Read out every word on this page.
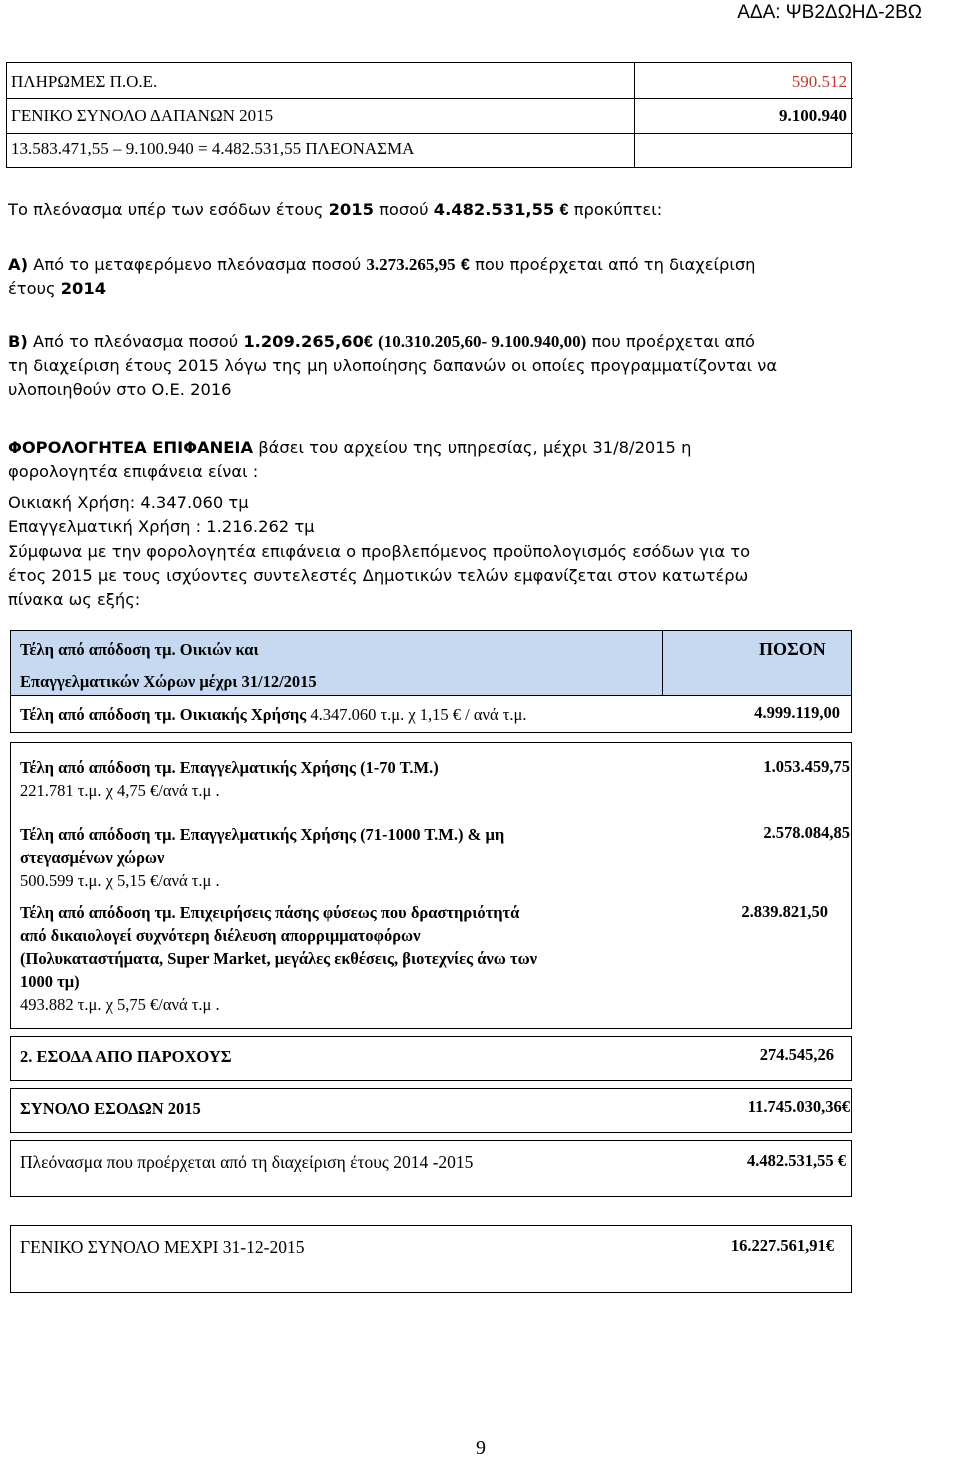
ΑΔΑ: ΨΒ2ΔΩΗΔ-2ΒΩ
ΠΛΗΡΩΜΕΣ Π.Ο.Ε.	590.512
ΓΕΝΙΚΟ ΣΥΝΟΛΟ ΔΑΠΑΝΩΝ 2015	9.100.940
13.583.471,55 – 9.100.940 = 4.482.531,55 ΠΛΕΟΝΑΣΜΑ
Το πλεόνασμα υπέρ των εσόδων έτους 2015 ποσού 4.482.531,55 € προκύπτει:
Α) Από το μεταφερόμενο πλεόνασμα ποσού 3.273.265,95 € που προέρχεται από τη διαχείριση
έτους 2014
Β) Από το πλεόνασμα ποσού 1.209.265,60€ (10.310.205,60- 9.100.940,00) που προέρχεται από
τη διαχείριση έτους 2015 λόγω της μη υλοποίησης δαπανών οι οποίες προγραμματίζονται να
υλοποιηθούν στο Ο.Ε. 2016
ΦΟΡΟΛΟΓΗΤΕΑ ΕΠΙΦΑΝΕΙΑ βάσει του αρχείου της υπηρεσίας, μέχρι 31/8/2015 η
φορολογητέα επιφάνεια είναι :
Οικιακή Χρήση: 4.347.060 τμ
Επαγγελματική Χρήση : 1.216.262 τμ
Σύμφωνα με την φορολογητέα επιφάνεια ο προβλεπόμενος προϋπολογισμός εσόδων για το
έτος 2015 με τους ισχύοντες συντελεστές Δημοτικών τελών εμφανίζεται στον κατωτέρω
πίνακα ως εξής:
Τέλη από απόδοση τμ. Οικιών και
Επαγγελματικών Χώρων μέχρι 31/12/2015
ΠΟΣΟΝ
Τέλη από απόδοση τμ. Οικιακής Χρήσης 4.347.060 τ.μ. χ 1,15 € / ανά τ.μ.	4.999.119,00
Τέλη από απόδοση τμ. Επαγγελματικής Χρήσης (1-70 Τ.Μ.)
221.781 τ.μ. χ 4,75 €/ανά τ.μ .
1.053.459,75
Τέλη από απόδοση τμ. Επαγγελματικής Χρήσης (71-1000 Τ.Μ.) & μη
στεγασμένων χώρων
500.599 τ.μ. χ 5,15 €/ανά τ.μ .
2.578.084,85
Τέλη από απόδοση τμ. Επιχειρήσεις πάσης φύσεως που δραστηριότητά
από δικαιολογεί συχνότερη διέλευση απορριμματοφόρων
(Πολυκαταστήματα, Super Market, μεγάλες εκθέσεις, βιοτεχνίες άνω των
1000 τμ)
493.882 τ.μ. χ 5,75 €/ανά τ.μ .
2.839.821,50
2. ΕΣΟΔΑ ΑΠΟ ΠΑΡΟΧΟΥΣ	274.545,26
ΣΥΝΟΛΟ ΕΣΟΔΩΝ 2015	11.745.030,36€
Πλεόνασμα που προέρχεται από τη διαχείριση έτους 2014 -2015	4.482.531,55 €
ΓΕΝΙΚΟ ΣΥΝΟΛΟ ΜΕΧΡΙ 31-12-2015	16.227.561,91€
9
